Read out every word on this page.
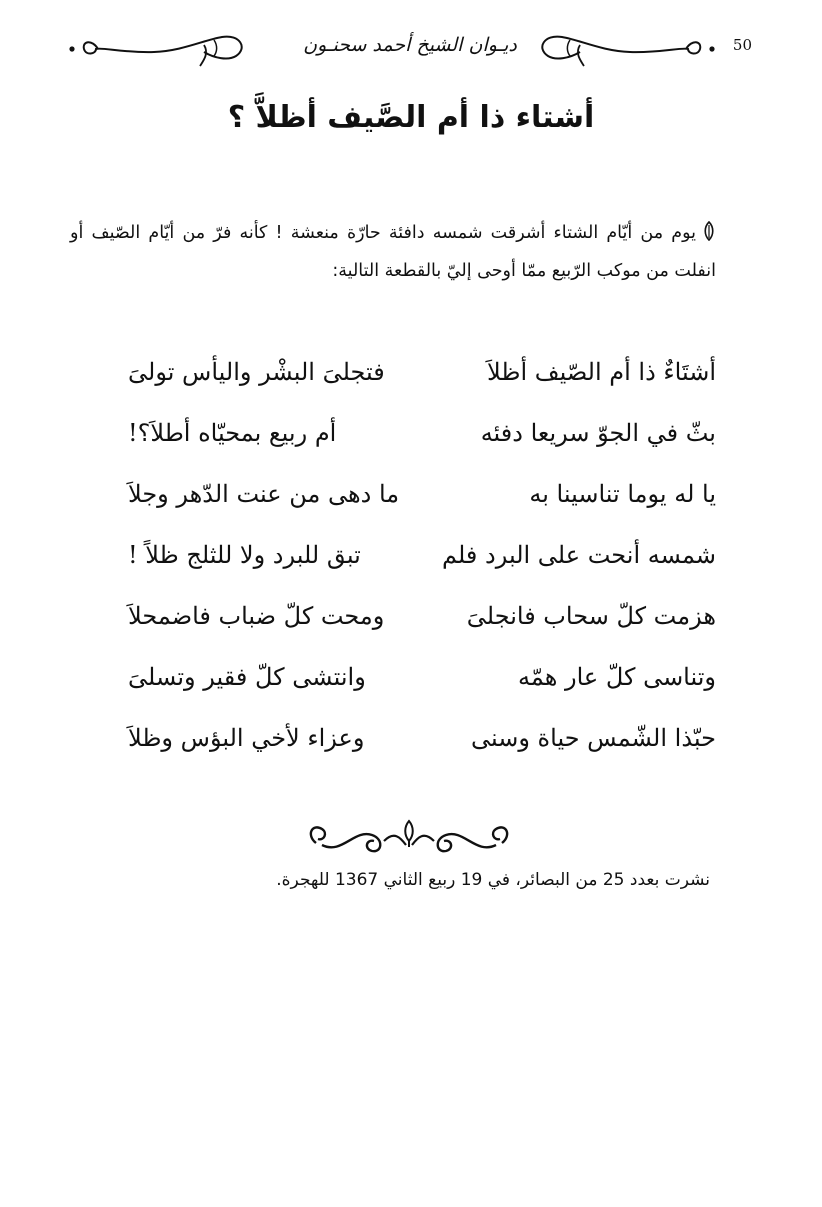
ديـوان الشيخ أحمد سحنـون	50
أشتاء ذا أم الصَّيف أظلاَّ ؟
يوم من أيّام الشتاء أشرقت شمسه دافئة حارّة منعشة ! كأنه فرّ من أيّام الصّيف أو انفلت من موكب الرّبيع ممّا أوحى إليّ بالقطعة التالية:
أشتَاءٌ ذا أم الصّيف أظلاَ
فتجلىَ البشْر واليأس تولىَ
بثّ في الجوّ سريعا دفئه
أم ربيع بمحيّاه أطلاَ؟!
يا له يوما تناسينا به
ما دهى من عنت الدّهر وجلاَ
شمسه أنحت على البرد فلم
تبق للبرد ولا للثلج ظلاً !
هزمت كلّ سحاب فانجلىَ
ومحت كلّ ضباب فاضمحلاَ
وتناسى كلّ عار همّه
وانتشى كلّ فقير وتسلىَ
حبّذا الشّمس حياة وسنى
وعزاء لأخي البؤس وظلاَ
نشرت بعدد 25 من البصائر، في 19 ربيع الثاني 1367 للهجرة.
